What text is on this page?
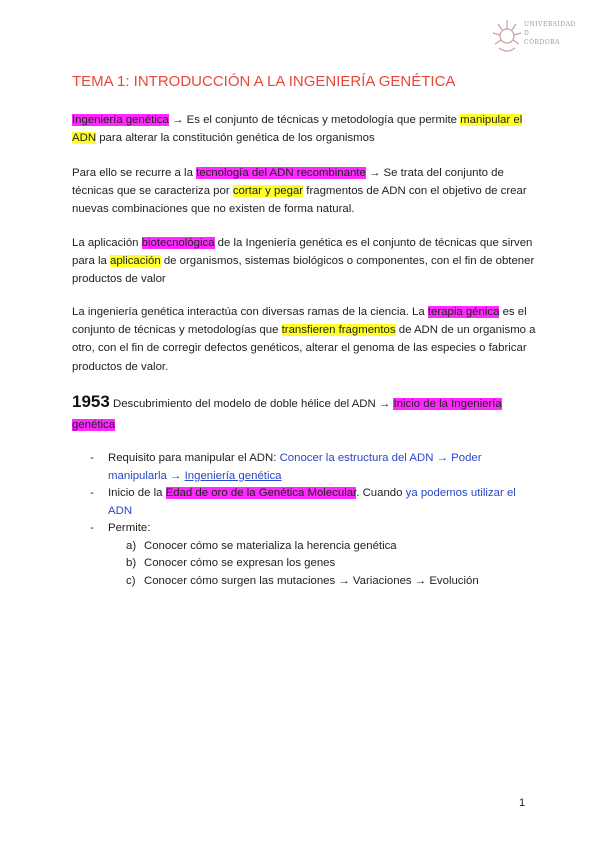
UNIVERSIDAD
D
CÓRDOBA
TEMA 1: INTRODUCCIÓN A LA INGENIERÍA GENÉTICA

Ingeniería genética → Es el conjunto de técnicas y metodología que permite manipular el ADN para alterar la constitución genética de los organismos

Para ello se recurre a la tecnología del ADN recombinante → Se trata del conjunto de técnicas que se caracteriza por cortar y pegar fragmentos de ADN con el objetivo de crear nuevas combinaciones que no existen de forma natural.

La aplicación biotecnológica de la Ingeniería genética es el conjunto de técnicas que sirven para la aplicación de organismos, sistemas biológicos o componentes, con el fin de obtener productos de valor

La ingeniería genética interactúa con diversas ramas de la ciencia. La terapia génica es el conjunto de técnicas y metodologías que transfieren fragmentos de ADN de un organismo a otro, con el fin de corregir defectos genéticos, alterar el genoma de las especies o fabricar productos de valor.

1953 Descubrimiento del modelo de doble hélice del ADN → Inicio de la Ingeniería genética

- Requisito para manipular el ADN: Conocer la estructura del ADN → Poder manipularla → Ingeniería genética
- Inicio de la Edad de oro de la Genética Molecular. Cuando ya podemos utilizar el ADN
- Permite:
a) Conocer cómo se materializa la herencia genética
b) Conocer cómo se expresan los genes
c) Conocer cómo surgen las mutaciones → Variaciones → Evolución
1
